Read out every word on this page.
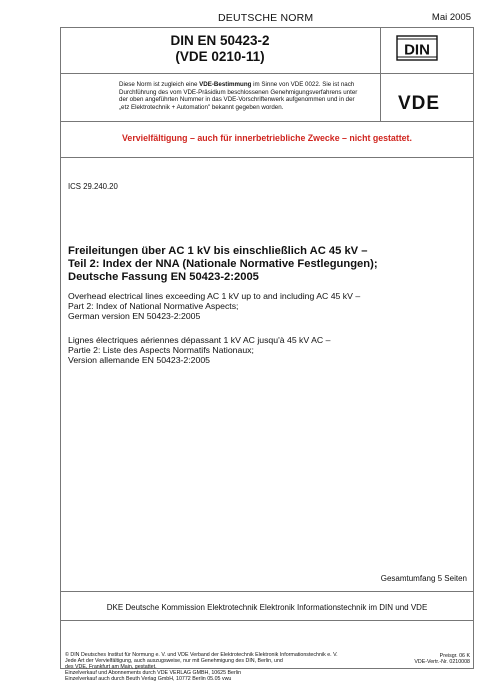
DEUTSCHE NORM	Mai 2005
DIN EN 50423-2
(VDE 0210-11)	DIN
VDE
Diese Norm ist zugleich eine VDE-Bestimmung im Sinne von VDE 0022. Sie ist nach
Durchführung des vom VDE-Präsidium beschlossenen Genehmigungsverfahrens unter
der oben angeführten Nummer in das VDE-Vorschriftenwerk aufgenommen und in der
„etz Elektrotechnik + Automation" bekannt gegeben worden.
Vervielfältigung – auch für innerbetriebliche Zwecke – nicht gestattet.
ICS 29.240.20
Freileitungen über AC 1 kV bis einschließlich AC 45 kV –
Teil 2: Index der NNA (Nationale Normative Festlegungen);
Deutsche Fassung EN 50423-2:2005
Overhead electrical lines exceeding AC 1 kV up to and including AC 45 kV –
Part 2: Index of National Normative Aspects;
German version EN 50423-2:2005
Lignes électriques aériennes dépassant 1 kV AC jusqu'à 45 kV AC –
Partie 2: Liste des Aspects Normatifs Nationaux;
Version allemande EN 50423-2:2005
Gesamtumfang 5 Seiten
DKE Deutsche Kommission Elektrotechnik Elektronik Informationstechnik im DIN und VDE
© DIN Deutsches Institut für Normung e. V. und VDE Verband der Elektrotechnik Elektronik Informationstechnik e. V.
Jede Art der Vervielfältigung, auch auszugsweise, nur mit Genehmigung des DIN, Berlin, und
des VDE, Frankfurt am Main, gestattet.
Einzelverkauf und Abonnements durch VDE VERLAG GMBH, 10625 Berlin
Einzelverkauf auch durch Beuth Verlag GmbH, 10772 Berlin 05.05 vwu
Preisgr. 06 K
VDE-Vertr.-Nr. 0210008
